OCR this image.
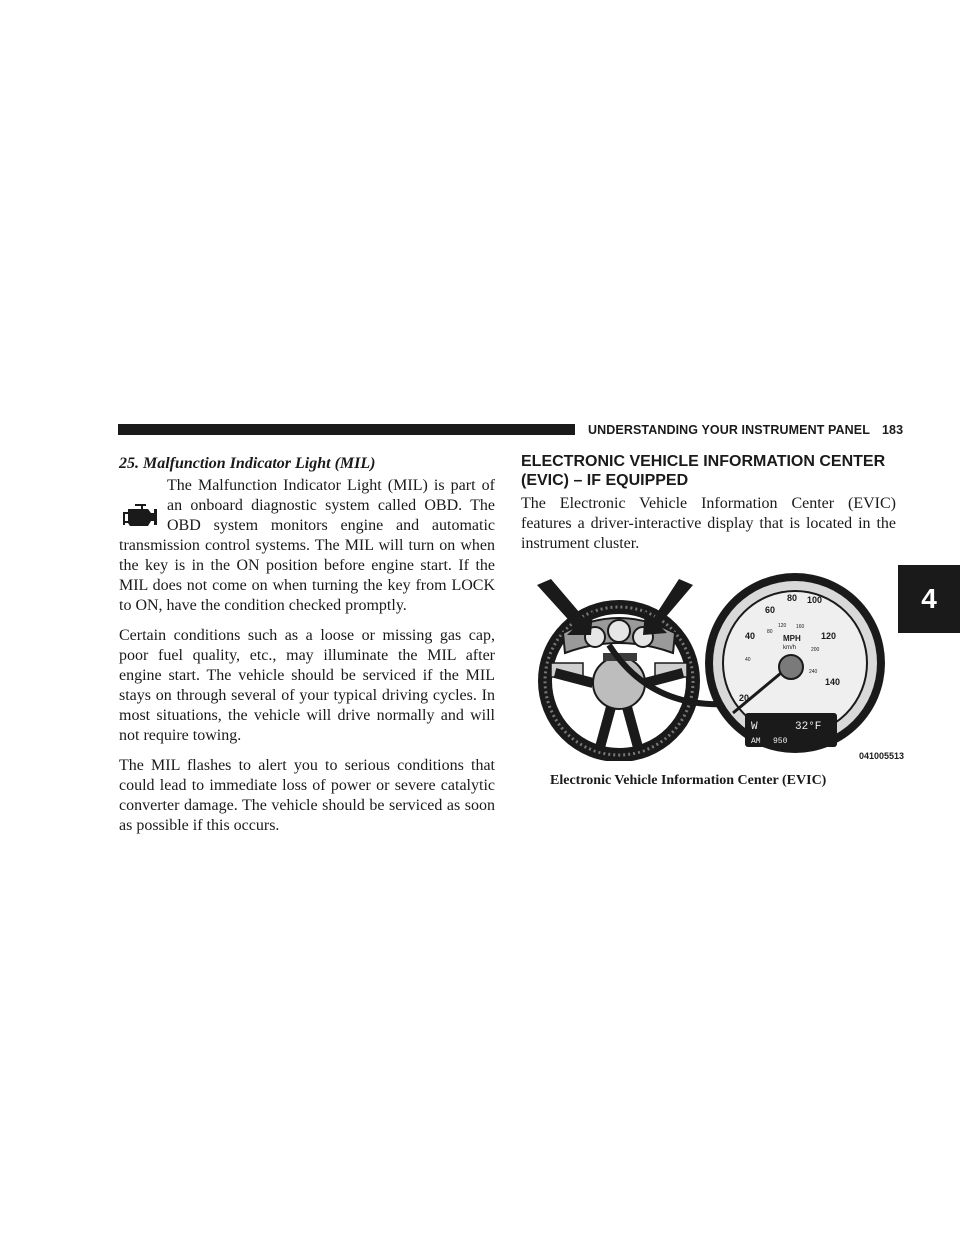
UNDERSTANDING YOUR INSTRUMENT PANEL 183
4
25. Malfunction Indicator Light (MIL)

The Malfunction Indicator Light (MIL) is part of an onboard diagnostic system called OBD. The OBD system monitors engine and automatic transmission control systems. The MIL will turn on when the key is in the ON position before engine start. If the MIL does not come on when turning the key from LOCK to ON, have the condition checked promptly.

Certain conditions such as a loose or missing gas cap, poor fuel quality, etc., may illuminate the MIL after engine start. The vehicle should be serviced if the MIL stays on through several of your typical driving cycles. In most situations, the vehicle will drive normally and will not require towing.

The MIL flashes to alert you to serious conditions that could lead to immediate loss of power or severe catalytic converter damage. The vehicle should be serviced as soon as possible if this occurs.

ELECTRONIC VEHICLE INFORMATION CENTER
(EVIC) – IF EQUIPPED

The Electronic Vehicle Information Center (EVIC) features a driver-interactive display that is located in the instrument cluster.

20
40
60
80 100
120
140
40
80
120 160
200
240
MPH
km/h
W	32°F
AM 950
041005513
Electronic Vehicle Information Center (EVIC)
